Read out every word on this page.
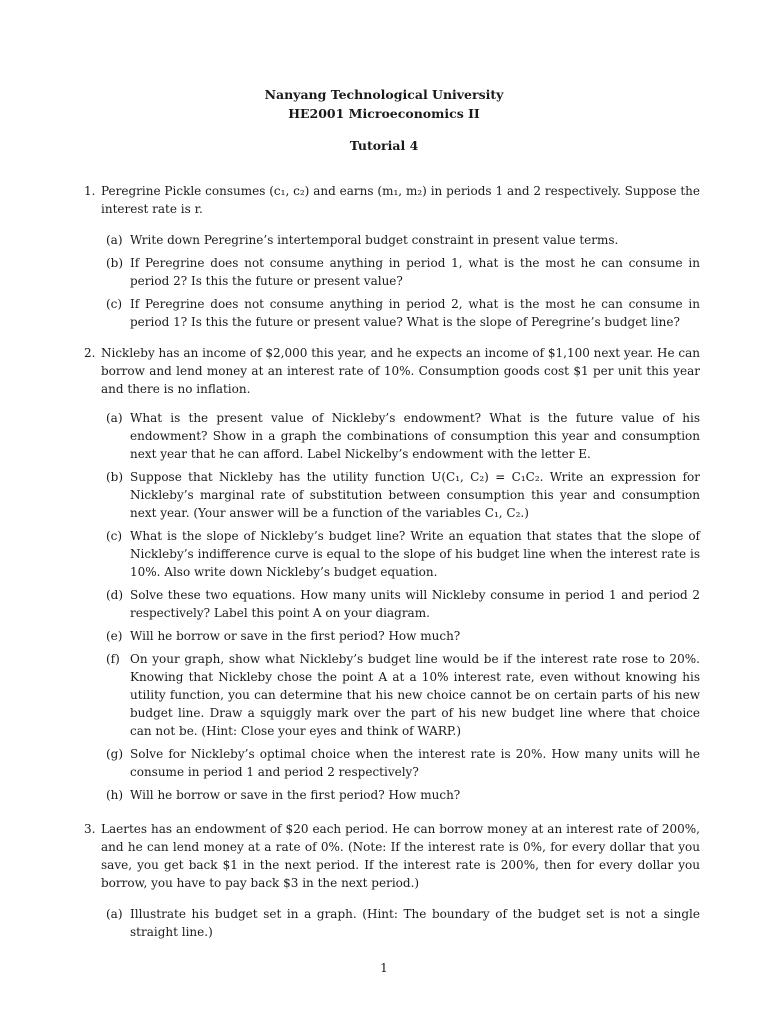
Nanyang Technological University
HE2001 Microeconomics II
Tutorial 4
1. Peregrine Pickle consumes (c₁, c₂) and earns (m₁, m₂) in periods 1 and 2 respectively. Suppose the interest rate is r.
(a) Write down Peregrine’s intertemporal budget constraint in present value terms.
(b) If Peregrine does not consume anything in period 1, what is the most he can consume in period 2? Is this the future or present value?
(c) If Peregrine does not consume anything in period 2, what is the most he can consume in period 1? Is this the future or present value? What is the slope of Peregrine’s budget line?
2. Nickleby has an income of $2,000 this year, and he expects an income of $1,100 next year. He can borrow and lend money at an interest rate of 10%. Consumption goods cost $1 per unit this year and there is no inflation.
(a) What is the present value of Nickleby’s endowment? What is the future value of his endowment? Show in a graph the combinations of consumption this year and consumption next year that he can afford. Label Nickelby’s endowment with the letter E.
(b) Suppose that Nickleby has the utility function U(C₁, C₂) = C₁C₂. Write an expression for Nickleby’s marginal rate of substitution between consumption this year and consumption next year. (Your answer will be a function of the variables C₁, C₂.)
(c) What is the slope of Nickleby’s budget line? Write an equation that states that the slope of Nickleby’s indifference curve is equal to the slope of his budget line when the interest rate is 10%. Also write down Nickleby’s budget equation.
(d) Solve these two equations. How many units will Nickleby consume in period 1 and period 2 respectively? Label this point A on your diagram.
(e) Will he borrow or save in the first period? How much?
(f) On your graph, show what Nickleby’s budget line would be if the interest rate rose to 20%. Knowing that Nickleby chose the point A at a 10% interest rate, even without knowing his utility function, you can determine that his new choice cannot be on certain parts of his new budget line. Draw a squiggly mark over the part of his new budget line where that choice can not be. (Hint: Close your eyes and think of WARP.)
(g) Solve for Nickleby’s optimal choice when the interest rate is 20%. How many units will he consume in period 1 and period 2 respectively?
(h) Will he borrow or save in the first period? How much?
3. Laertes has an endowment of $20 each period. He can borrow money at an interest rate of 200%, and he can lend money at a rate of 0%. (Note: If the interest rate is 0%, for every dollar that you save, you get back $1 in the next period. If the interest rate is 200%, then for every dollar you borrow, you have to pay back $3 in the next period.)
(a) Illustrate his budget set in a graph. (Hint: The boundary of the budget set is not a single straight line.)
1
